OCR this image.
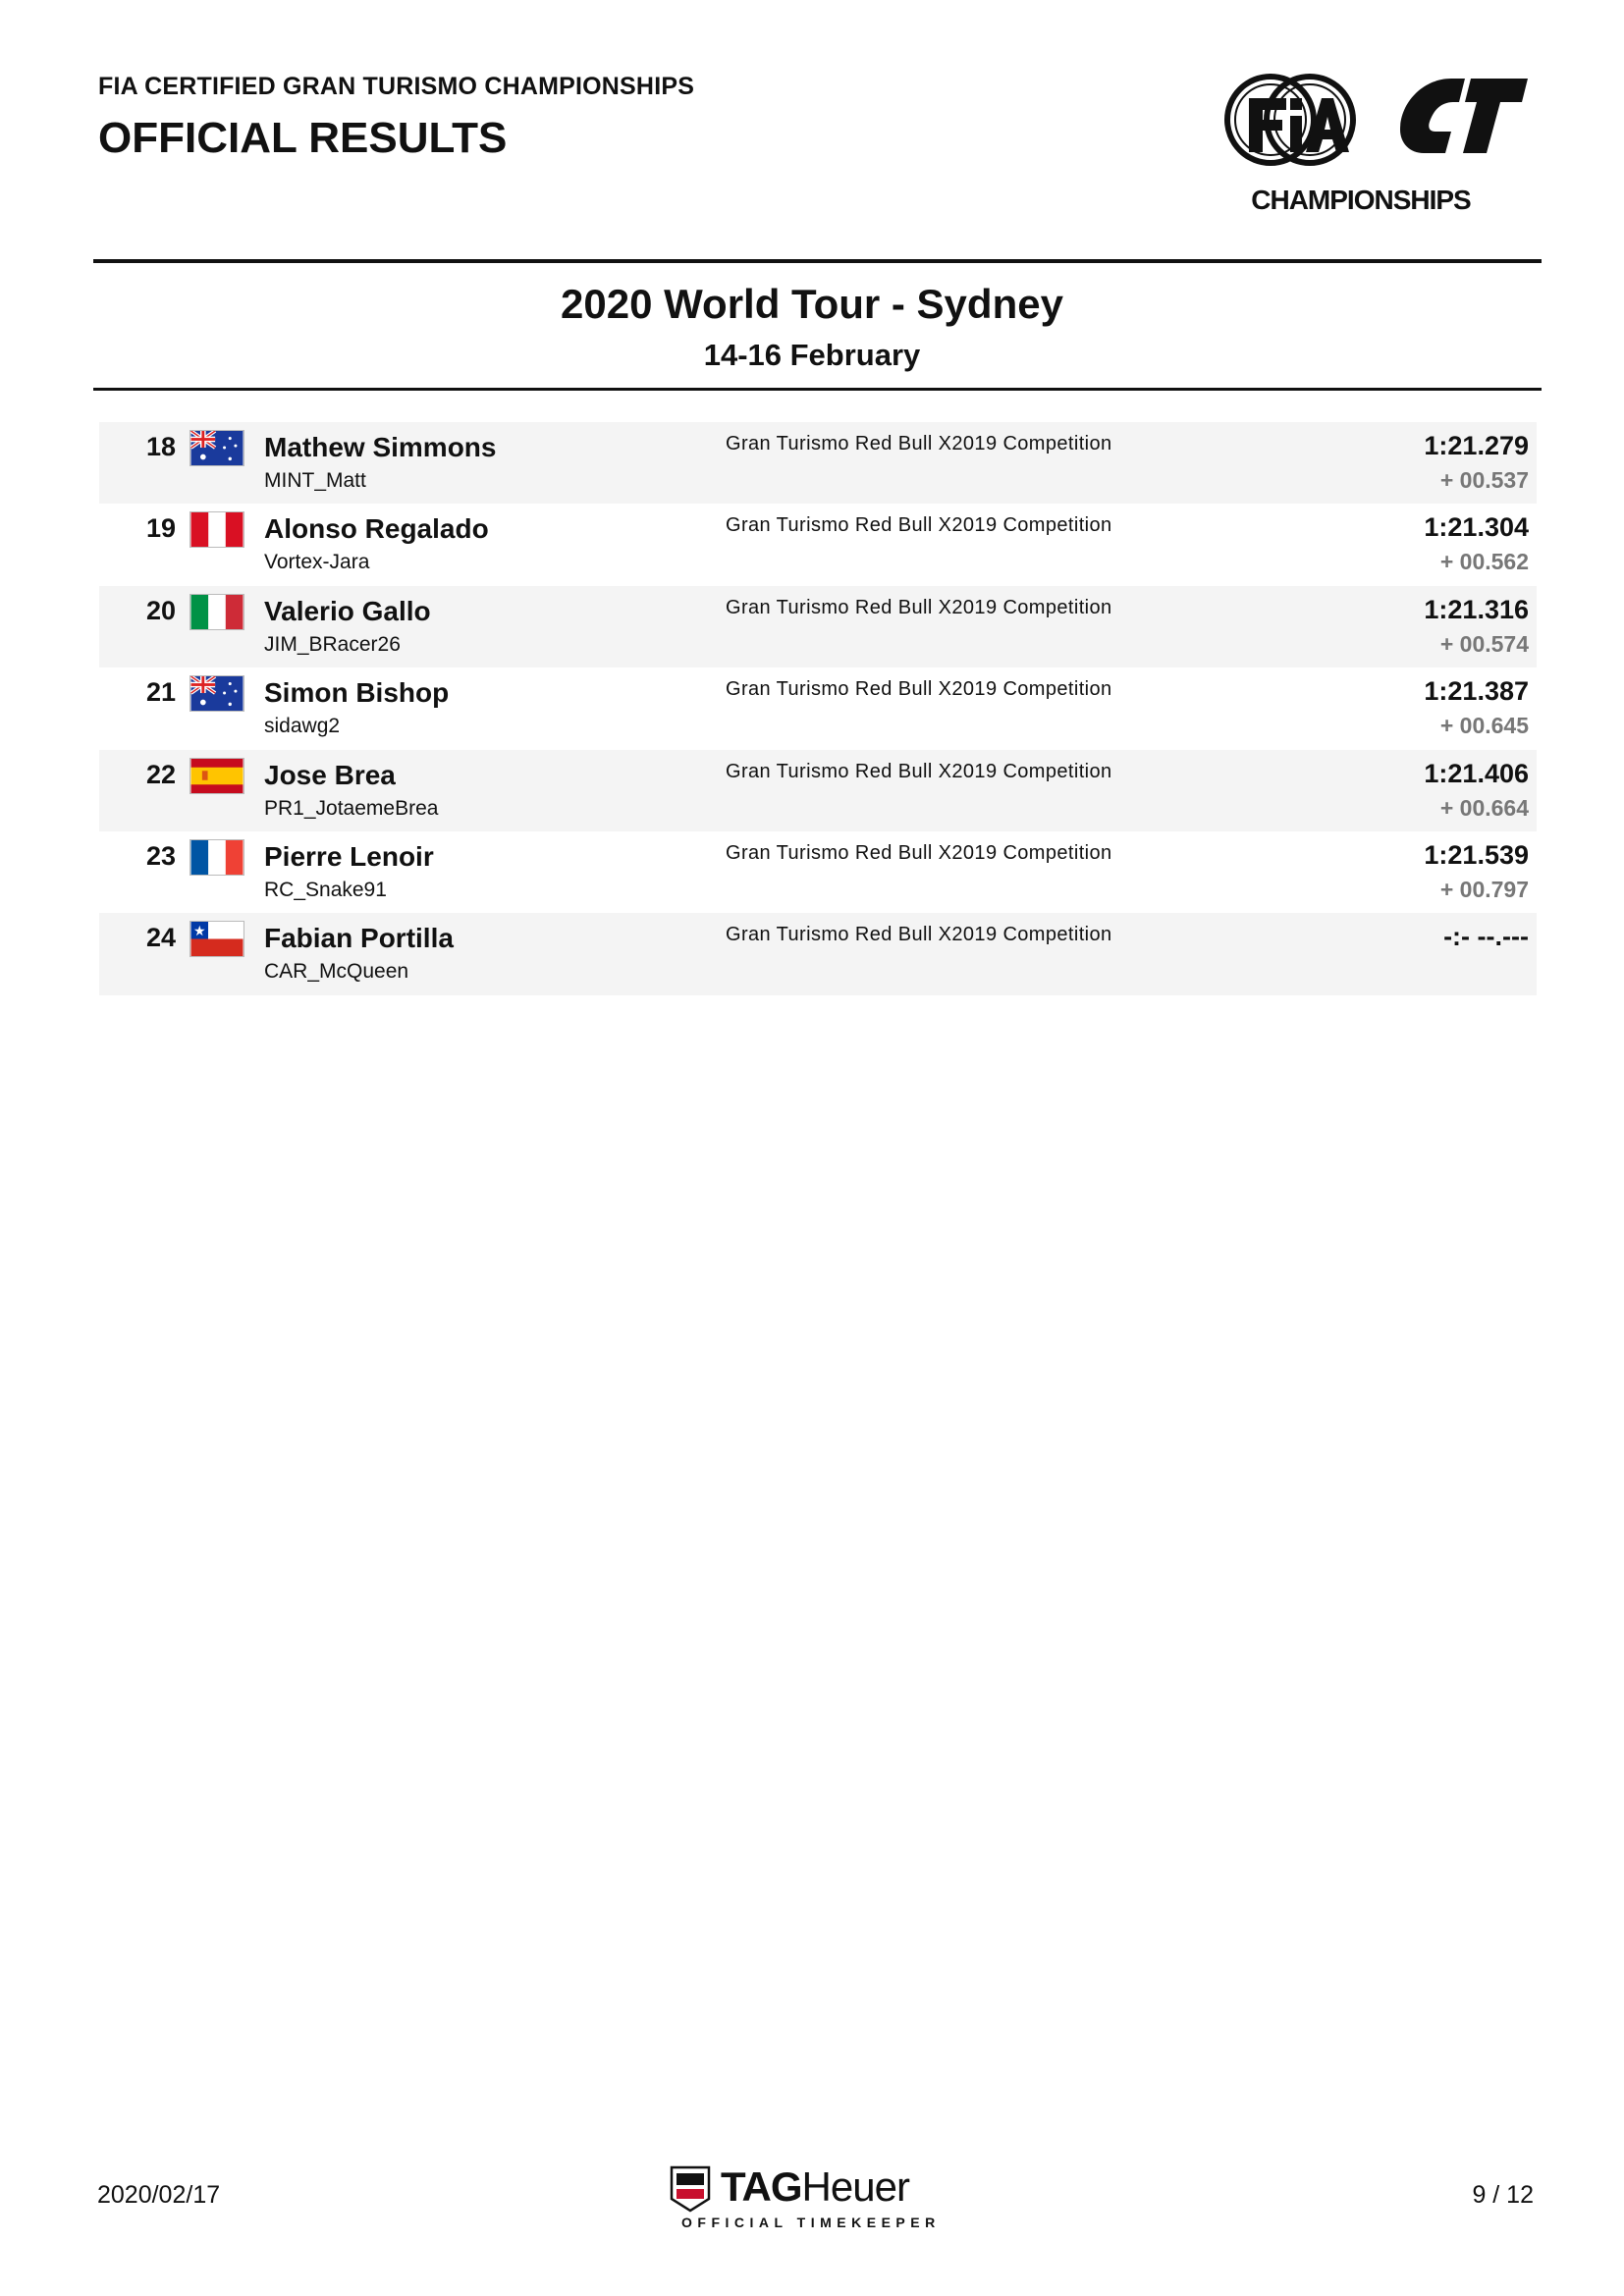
FIA CERTIFIED GRAN TURISMO CHAMPIONSHIPS
OFFICIAL RESULTS
CHAMPIONSHIPS
2020 World Tour - Sydney
14-16 February
18	Mathew Simmons
MINT_Matt
Gran Turismo Red Bull X2019 Competition	1:21.279
+ 00.537
19	Alonso Regalado
Vortex-Jara
Gran Turismo Red Bull X2019 Competition	1:21.304
+ 00.562
20	Valerio Gallo
JIM_BRacer26
Gran Turismo Red Bull X2019 Competition	1:21.316
+ 00.574
21	Simon Bishop
sidawg2
Gran Turismo Red Bull X2019 Competition	1:21.387
+ 00.645
22	Jose Brea
PR1_JotaemeBrea
Gran Turismo Red Bull X2019 Competition	1:21.406
+ 00.664
23	Pierre Lenoir
RC_Snake91
Gran Turismo Red Bull X2019 Competition	1:21.539
+ 00.797
24	Fabian Portilla
CAR_McQueen
Gran Turismo Red Bull X2019 Competition	-:- --.---
2020/02/17	TAGHeuer
OFFICIAL TIMEKEEPER
9 / 12
